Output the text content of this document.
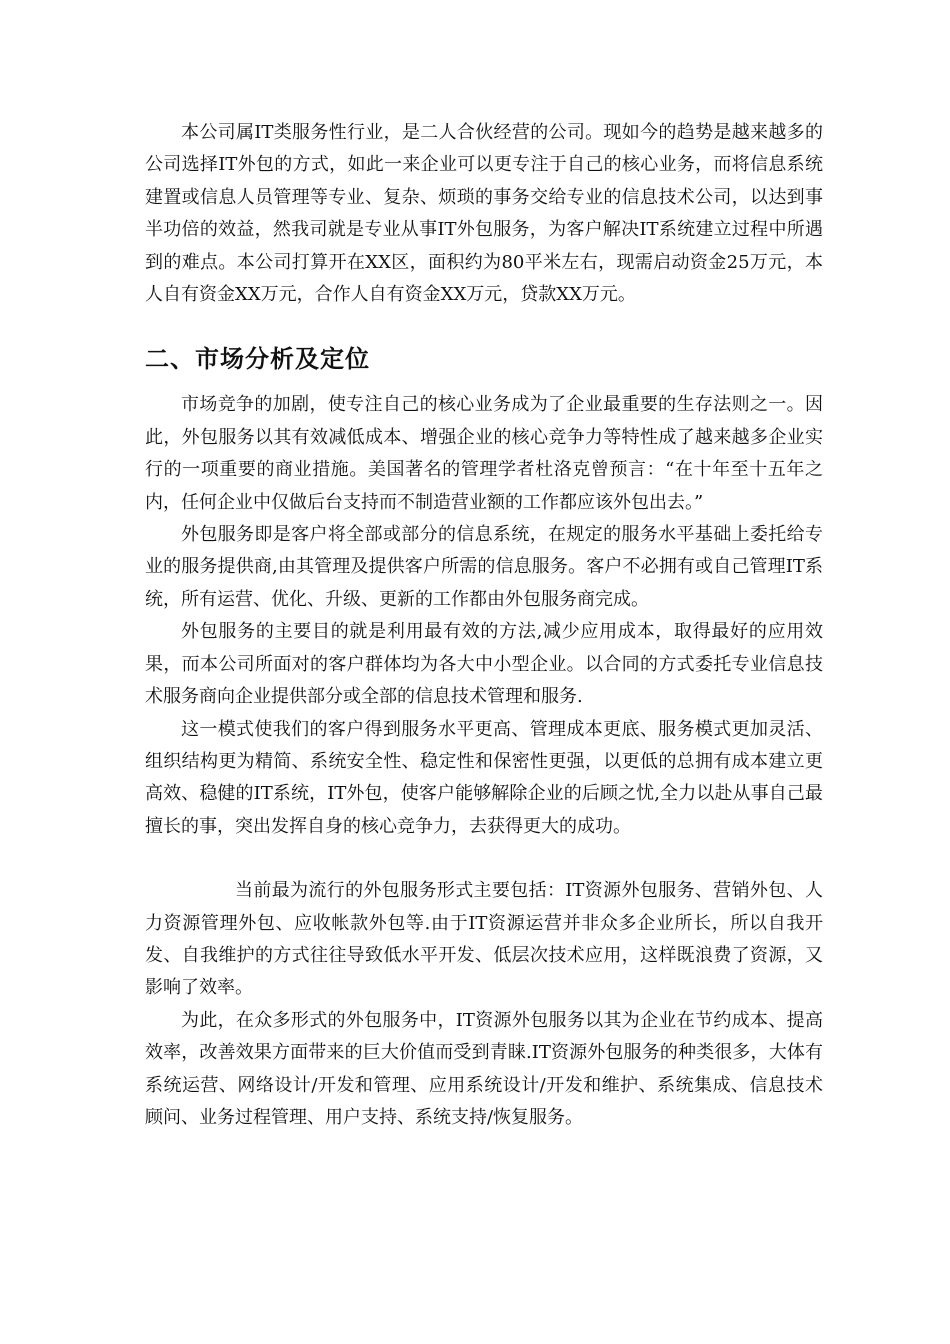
本公司属IT类服务性行业，是二人合伙经营的公司。现如今的趋势是越来越多的公司选择IT外包的方式，如此一来企业可以更专注于自己的核心业务，而将信息系统建置或信息人员管理等专业、复杂、烦琐的事务交给专业的信息技术公司，以达到事半功倍的效益，然我司就是专业从事IT外包服务，为客户解决IT系统建立过程中所遇到的难点。本公司打算开在XX区，面积约为80平米左右，现需启动资金25万元，本人自有资金XX万元，合作人自有资金XX万元，贷款XX万元。

二、市场分析及定位

市场竞争的加剧，使专注自己的核心业务成为了企业最重要的生存法则之一。因此，外包服务以其有效减低成本、增强企业的核心竞争力等特性成了越来越多企业实行的一项重要的商业措施。美国著名的管理学者杜洛克曾预言：“在十年至十五年之内，任何企业中仅做后台支持而不制造营业额的工作都应该外包出去。”

外包服务即是客户将全部或部分的信息系统，在规定的服务水平基础上委托给专业的服务提供商,由其管理及提供客户所需的信息服务。客户不必拥有或自己管理IT系统，所有运营、优化、升级、更新的工作都由外包服务商完成。

外包服务的主要目的就是利用最有效的方法,减少应用成本，取得最好的应用效果，而本公司所面对的客户群体均为各大中小型企业。以合同的方式委托专业信息技术服务商向企业提供部分或全部的信息技术管理和服务.

这一模式使我们的客户得到服务水平更高、管理成本更底、服务模式更加灵活、组织结构更为精简、系统安全性、稳定性和保密性更强，以更低的总拥有成本建立更高效、稳健的IT系统，IT外包，使客户能够解除企业的后顾之忧,全力以赴从事自己最擅长的事，突出发挥自身的核心竞争力，去获得更大的成功。

当前最为流行的外包服务形式主要包括：IT资源外包服务、营销外包、人力资源管理外包、应收帐款外包等.由于IT资源运营并非众多企业所长，所以自我开发、自我维护的方式往往导致低水平开发、低层次技术应用，这样既浪费了资源，又影响了效率。

为此，在众多形式的外包服务中，IT资源外包服务以其为企业在节约成本、提高效率，改善效果方面带来的巨大价值而受到青睐.IT资源外包服务的种类很多，大体有系统运营、网络设计/开发和管理、应用系统设计/开发和维护、系统集成、信息技术顾问、业务过程管理、用户支持、系统支持/恢复服务。
